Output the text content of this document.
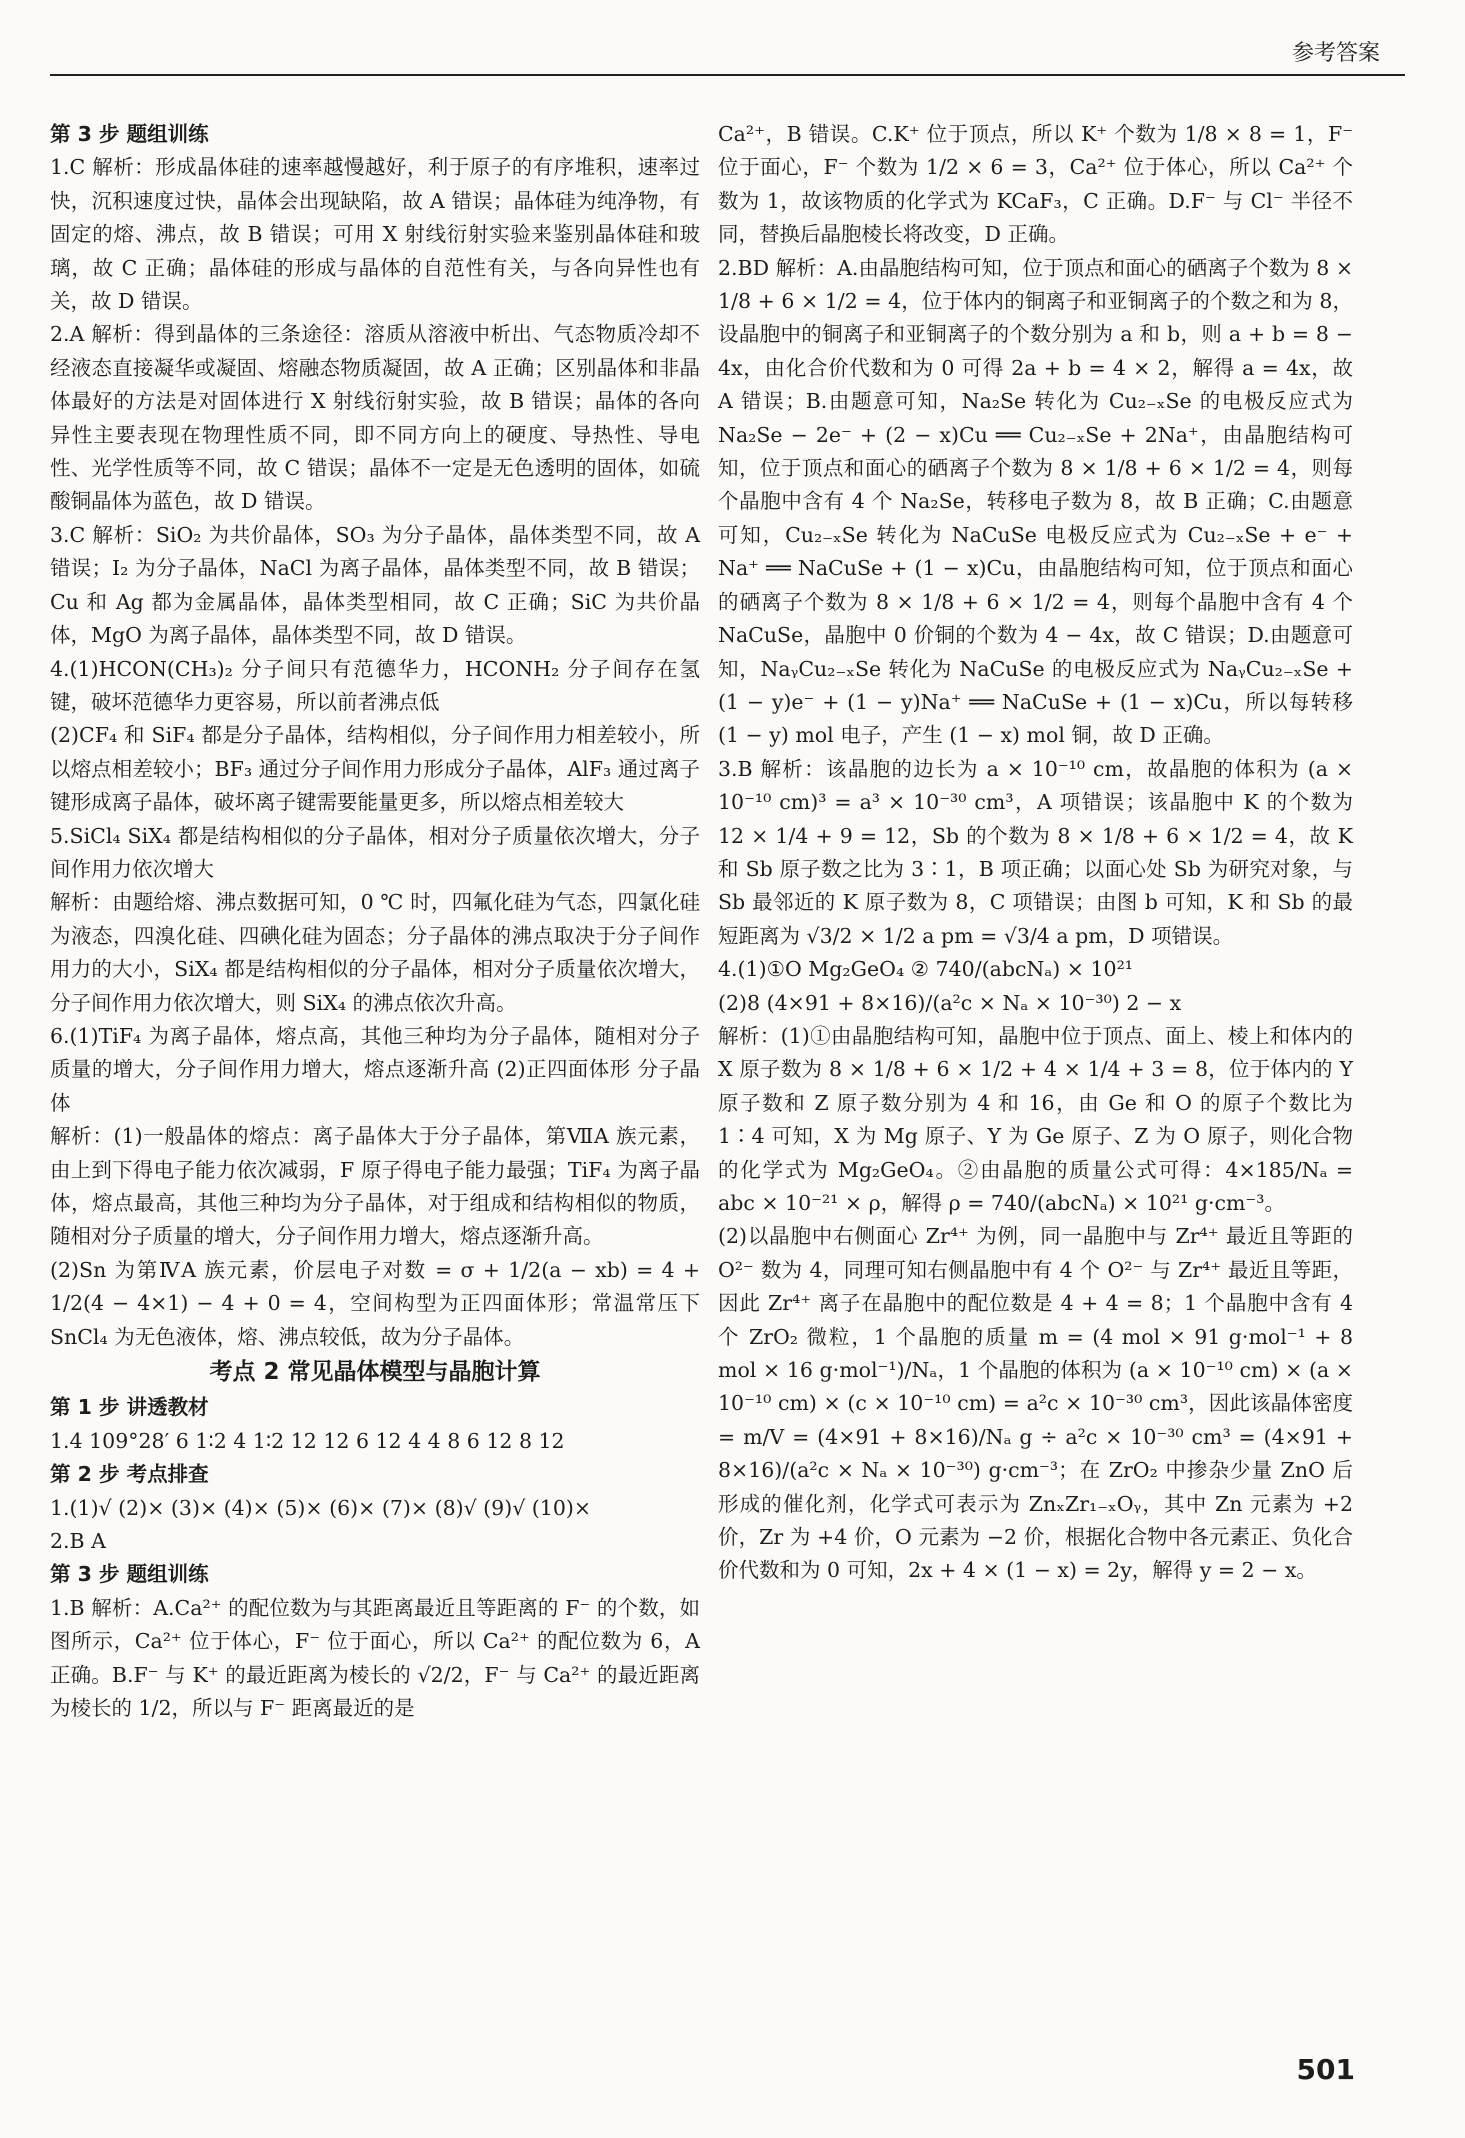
参考答案

第 3 步 题组训练

1.C 解析：形成晶体硅的速率越慢越好，利于原子的有序堆积，速率过快，沉积速度过快，晶体会出现缺陷，故 A 错误；晶体硅为纯净物，有固定的熔、沸点，故 B 错误；可用 X 射线衍射实验来鉴别晶体硅和玻璃，故 C 正确；晶体硅的形成与晶体的自范性有关，与各向异性也有关，故 D 错误。

2.A 解析：得到晶体的三条途径：溶质从溶液中析出、气态物质冷却不经液态直接凝华或凝固、熔融态物质凝固，故 A 正确；区别晶体和非晶体最好的方法是对固体进行 X 射线衍射实验，故 B 错误；晶体的各向异性主要表现在物理性质不同，即不同方向上的硬度、导热性、导电性、光学性质等不同，故 C 错误；晶体不一定是无色透明的固体，如硫酸铜晶体为蓝色，故 D 错误。

3.C 解析：SiO₂ 为共价晶体，SO₃ 为分子晶体，晶体类型不同，故 A 错误；I₂ 为分子晶体，NaCl 为离子晶体，晶体类型不同，故 B 错误；Cu 和 Ag 都为金属晶体，晶体类型相同，故 C 正确；SiC 为共价晶体，MgO 为离子晶体，晶体类型不同，故 D 错误。

4.(1)HCON(CH₃)₂ 分子间只有范德华力，HCONH₂ 分子间存在氢键，破坏范德华力更容易，所以前者沸点低

(2)CF₄ 和 SiF₄ 都是分子晶体，结构相似，分子间作用力相差较小，所以熔点相差较小；BF₃ 通过分子间作用力形成分子晶体，AlF₃ 通过离子键形成离子晶体，破坏离子键需要能量更多，所以熔点相差较大

5.SiCl₄ SiX₄ 都是结构相似的分子晶体，相对分子质量依次增大，分子间作用力依次增大

解析：由题给熔、沸点数据可知，0 ℃ 时，四氟化硅为气态，四氯化硅为液态，四溴化硅、四碘化硅为固态；分子晶体的沸点取决于分子间作用力的大小，SiX₄ 都是结构相似的分子晶体，相对分子质量依次增大，分子间作用力依次增大，则 SiX₄ 的沸点依次升高。

6.(1)TiF₄ 为离子晶体，熔点高，其他三种均为分子晶体，随相对分子质量的增大，分子间作用力增大，熔点逐渐升高 (2)正四面体形 分子晶体

解析：(1)一般晶体的熔点：离子晶体大于分子晶体，第ⅦA 族元素，由上到下得电子能力依次减弱，F 原子得电子能力最强；TiF₄ 为离子晶体，熔点最高，其他三种均为分子晶体，对于组成和结构相似的物质，随相对分子质量的增大，分子间作用力增大，熔点逐渐升高。

(2)Sn 为第ⅣA 族元素，价层电子对数 = σ + 1/2(a − xb) = 4 + 1/2(4 − 4×1) − 4 + 0 = 4，空间构型为正四面体形；常温常压下 SnCl₄ 为无色液体，熔、沸点较低，故为分子晶体。

考点 2 常见晶体模型与晶胞计算

第 1 步 讲透教材

1.4 109°28′ 6 1∶2 4 1∶2 12 12 6 12 4 4 8 6 12 8 12

第 2 步 考点排查

1.(1)√ (2)× (3)× (4)× (5)× (6)× (7)× (8)√ (9)√ (10)×

2.B A

第 3 步 题组训练

1.B 解析：A.Ca²⁺ 的配位数为与其距离最近且等距离的 F⁻ 的个数，如图所示，Ca²⁺ 位于体心，F⁻ 位于面心，所以 Ca²⁺ 的配位数为 6，A 正确。B.F⁻ 与 K⁺ 的最近距离为棱长的 √2/2，F⁻ 与 Ca²⁺ 的最近距离为棱长的 1/2，所以与 F⁻ 距离最近的是

Ca²⁺，B 错误。C.K⁺ 位于顶点，所以 K⁺ 个数为 1/8 × 8 = 1，F⁻ 位于面心，F⁻ 个数为 1/2 × 6 = 3，Ca²⁺ 位于体心，所以 Ca²⁺ 个数为 1，故该物质的化学式为 KCaF₃，C 正确。D.F⁻ 与 Cl⁻ 半径不同，替换后晶胞棱长将改变，D 正确。

2.BD 解析：A.由晶胞结构可知，位于顶点和面心的硒离子个数为 8 × 1/8 + 6 × 1/2 = 4，位于体内的铜离子和亚铜离子的个数之和为 8，设晶胞中的铜离子和亚铜离子的个数分别为 a 和 b，则 a + b = 8 − 4x，由化合价代数和为 0 可得 2a + b = 4 × 2，解得 a = 4x，故 A 错误；B.由题意可知，Na₂Se 转化为 Cu₂₋ₓSe 的电极反应式为 Na₂Se − 2e⁻ + (2 − x)Cu ══ Cu₂₋ₓSe + 2Na⁺，由晶胞结构可知，位于顶点和面心的硒离子个数为 8 × 1/8 + 6 × 1/2 = 4，则每个晶胞中含有 4 个 Na₂Se，转移电子数为 8，故 B 正确；C.由题意可知，Cu₂₋ₓSe 转化为 NaCuSe 电极反应式为 Cu₂₋ₓSe + e⁻ + Na⁺ ══ NaCuSe + (1 − x)Cu，由晶胞结构可知，位于顶点和面心的硒离子个数为 8 × 1/8 + 6 × 1/2 = 4，则每个晶胞中含有 4 个 NaCuSe，晶胞中 0 价铜的个数为 4 − 4x，故 C 错误；D.由题意可知，NaᵧCu₂₋ₓSe 转化为 NaCuSe 的电极反应式为 NaᵧCu₂₋ₓSe + (1 − y)e⁻ + (1 − y)Na⁺ ══ NaCuSe + (1 − x)Cu，所以每转移 (1 − y) mol 电子，产生 (1 − x) mol 铜，故 D 正确。

3.B 解析：该晶胞的边长为 a × 10⁻¹⁰ cm，故晶胞的体积为 (a × 10⁻¹⁰ cm)³ = a³ × 10⁻³⁰ cm³，A 项错误；该晶胞中 K 的个数为 12 × 1/4 + 9 = 12，Sb 的个数为 8 × 1/8 + 6 × 1/2 = 4，故 K 和 Sb 原子数之比为 3∶1，B 项正确；以面心处 Sb 为研究对象，与 Sb 最邻近的 K 原子数为 8，C 项错误；由图 b 可知，K 和 Sb 的最短距离为 √3/2 × 1/2 a pm = √3/4 a pm，D 项错误。

4.(1)①O Mg₂GeO₄ ② 740/(abcNₐ) × 10²¹

(2)8 (4×91 + 8×16)/(a²c × Nₐ × 10⁻³⁰) 2 − x

解析：(1)①由晶胞结构可知，晶胞中位于顶点、面上、棱上和体内的 X 原子数为 8 × 1/8 + 6 × 1/2 + 4 × 1/4 + 3 = 8，位于体内的 Y 原子数和 Z 原子数分别为 4 和 16，由 Ge 和 O 的原子个数比为 1∶4 可知，X 为 Mg 原子、Y 为 Ge 原子、Z 为 O 原子，则化合物的化学式为 Mg₂GeO₄。②由晶胞的质量公式可得：4×185/Nₐ = abc × 10⁻²¹ × ρ，解得 ρ = 740/(abcNₐ) × 10²¹ g·cm⁻³。

(2)以晶胞中右侧面心 Zr⁴⁺ 为例，同一晶胞中与 Zr⁴⁺ 最近且等距的 O²⁻ 数为 4，同理可知右侧晶胞中有 4 个 O²⁻ 与 Zr⁴⁺ 最近且等距，因此 Zr⁴⁺ 离子在晶胞中的配位数是 4 + 4 = 8；1 个晶胞中含有 4 个 ZrO₂ 微粒，1 个晶胞的质量 m = (4 mol × 91 g·mol⁻¹ + 8 mol × 16 g·mol⁻¹)/Nₐ，1 个晶胞的体积为 (a × 10⁻¹⁰ cm) × (a × 10⁻¹⁰ cm) × (c × 10⁻¹⁰ cm) = a²c × 10⁻³⁰ cm³，因此该晶体密度 = m/V = (4×91 + 8×16)/Nₐ g ÷ a²c × 10⁻³⁰ cm³ = (4×91 + 8×16)/(a²c × Nₐ × 10⁻³⁰) g·cm⁻³；在 ZrO₂ 中掺杂少量 ZnO 后形成的催化剂，化学式可表示为 ZnₓZr₁₋ₓOᵧ，其中 Zn 元素为 +2 价，Zr 为 +4 价，O 元素为 −2 价，根据化合物中各元素正、负化合价代数和为 0 可知，2x + 4 × (1 − x) = 2y，解得 y = 2 − x。

501
